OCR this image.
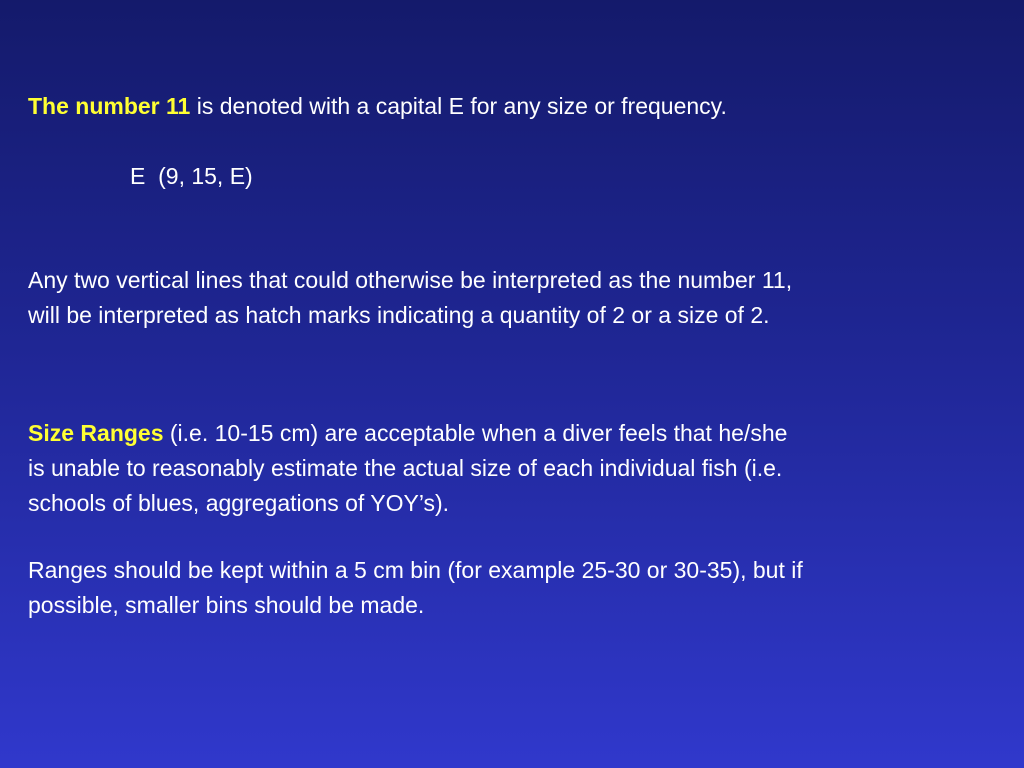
The number 11 is denoted with a capital E for any size or frequency.

E  (9, 15, E)

Any two vertical lines that could otherwise be interpreted as the number 11,
will be interpreted as hatch marks indicating a quantity of 2 or a size of 2.

Size Ranges (i.e. 10-15 cm) are acceptable when a diver feels that he/she
is unable to reasonably estimate the actual size of each individual fish (i.e.
schools of blues, aggregations of YOY’s).

Ranges should be kept within a 5 cm bin (for example 25-30 or 30-35), but if
possible, smaller bins should be made.
